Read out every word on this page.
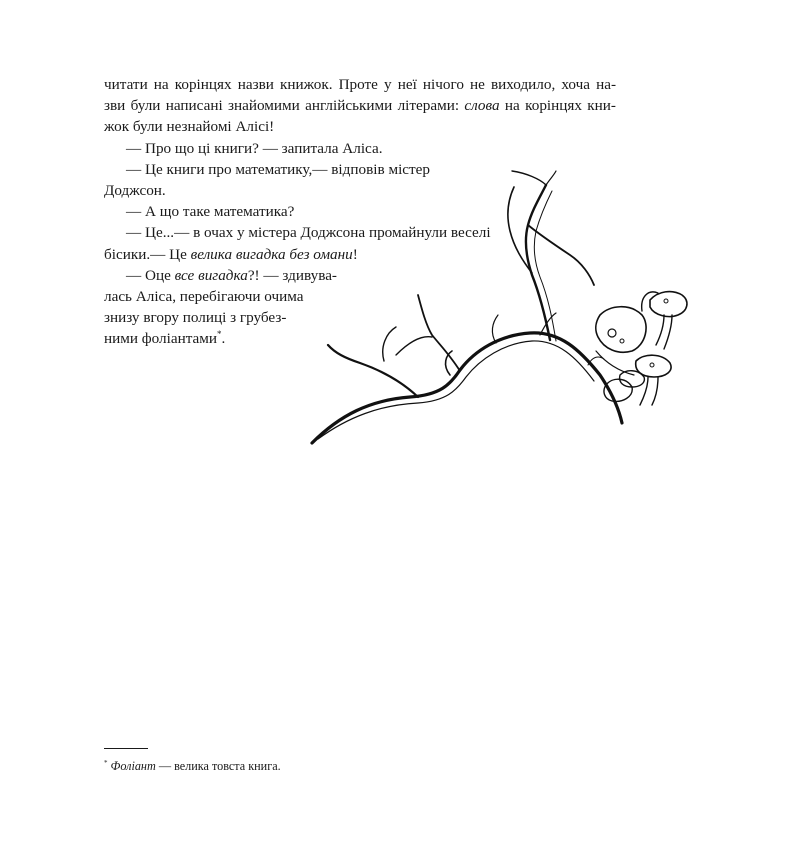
читати на корінцях назви книжок. Проте у неї нічого не виходило, хоча на-
зви були написані знайомими англійськими літерами: слова на корінцях кни-
жок були незнайомі Алісі!
— Про що ці книги? — запитала Аліса.
— Це книги про математику,— відповів містер
Доджсон.
— А що таке математика?
— Це...— в очах у містера Доджсона промайнули веселі
бісики.— Це велика вигадка без омани!
— Оце все вигадка?! — здивува-
лась Аліса, перебігаючи очима
знизу вгору полиці з грубез-
ними фоліантами*.
* Фоліант — велика товста книга.
